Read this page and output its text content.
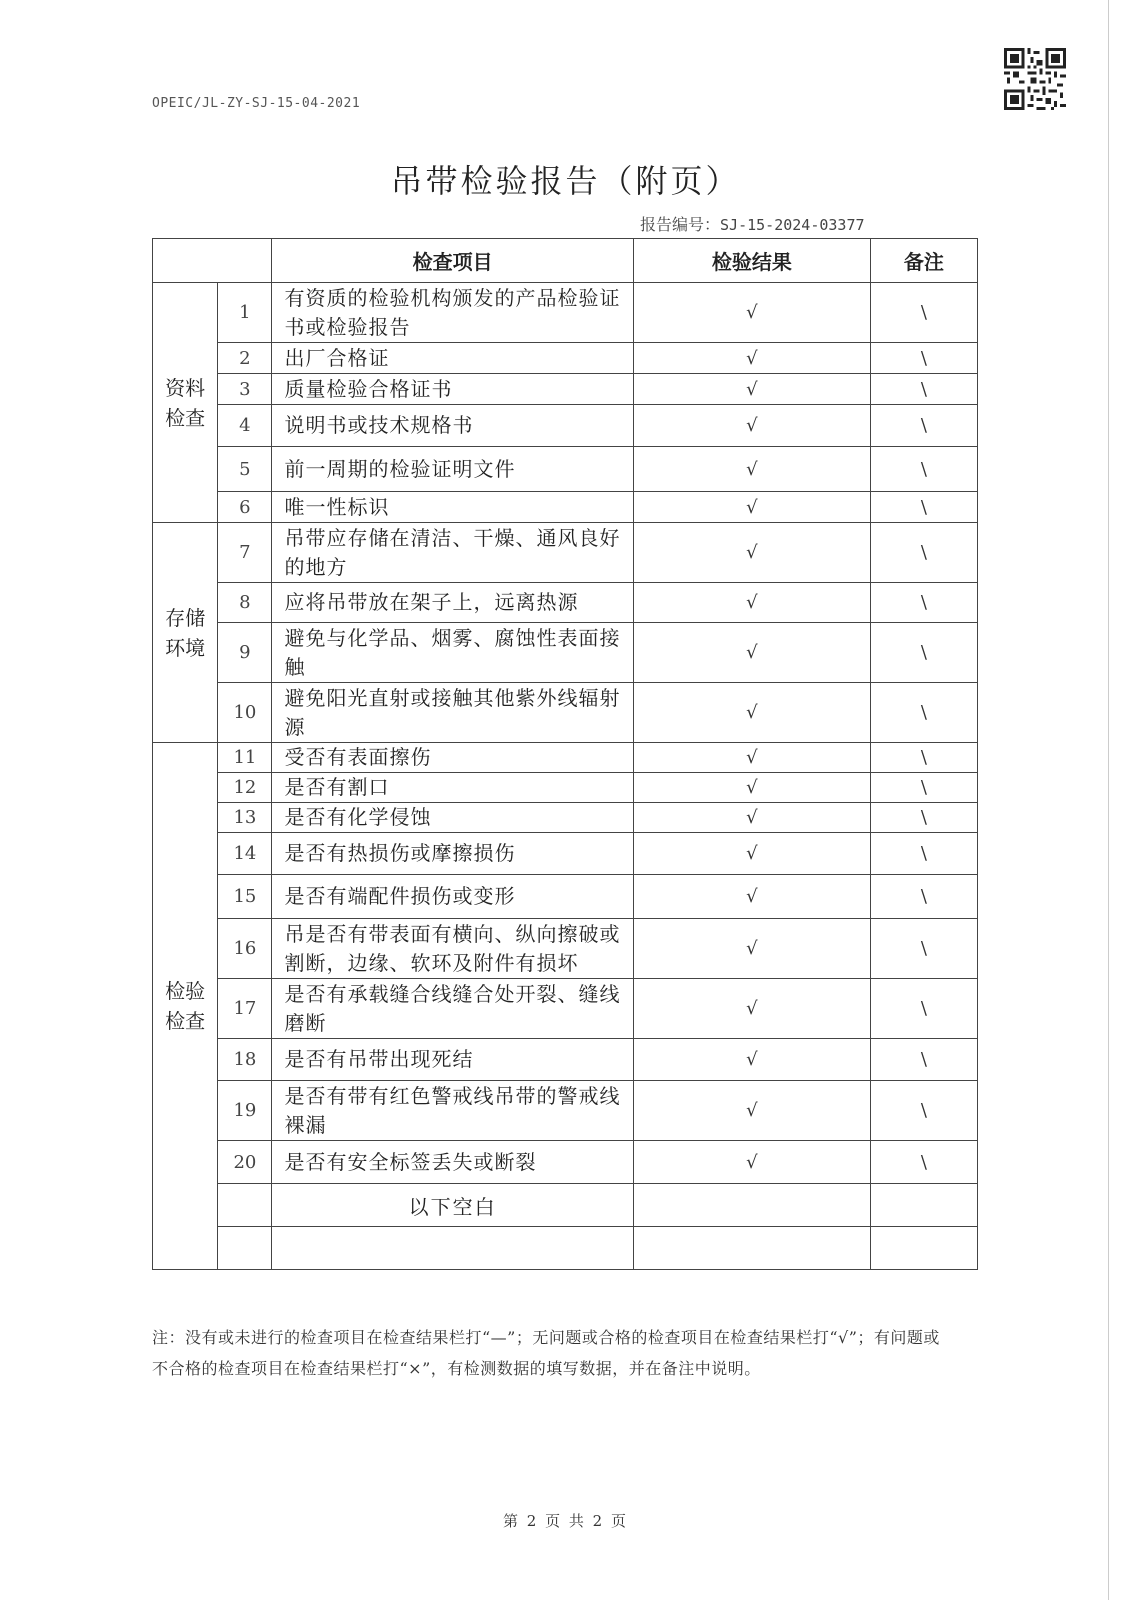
OPEIC/JL-ZY-SJ-15-04-2021
吊带检验报告（附页）
报告编号：SJ-15-2024-03377
		检查项目	检验结果	备注

资料
检查	1	有资质的检验机构颁发的产品检验证书或检验报告	√	\
	2	出厂合格证	√	\
	3	质量检验合格证书	√	\
	4	说明书或技术规格书	√	\
	5	前一周期的检验证明文件	√	\
	6	唯一性标识	√	\

存储
环境	7	吊带应存储在清洁、干燥、通风良好的地方	√	\
	8	应将吊带放在架子上，远离热源	√	\
	9	避免与化学品、烟雾、腐蚀性表面接触	√	\
	10	避免阳光直射或接触其他紫外线辐射源	√	\

检验
检查	11	受否有表面擦伤	√	\
	12	是否有割口	√	\
	13	是否有化学侵蚀	√	\
	14	是否有热损伤或摩擦损伤	√	\
	15	是否有端配件损伤或变形	√	\
	16	吊是否有带表面有横向、纵向擦破或割断，边缘、软环及附件有损坏	√	\
	17	是否有承载缝合线缝合处开裂、缝线磨断	√	\
	18	是否有吊带出现死结	√	\
	19	是否有带有红色警戒线吊带的警戒线裸漏	√	\
	20	是否有安全标签丢失或断裂	√	\
		以下空白		

注：没有或未进行的检查项目在检查结果栏打“—”；无问题或合格的检查项目在检查结果栏打“√”；有问题或不合格的检查项目在检查结果栏打“×”，有检测数据的填写数据，并在备注中说明。
第 2 页 共 2 页
